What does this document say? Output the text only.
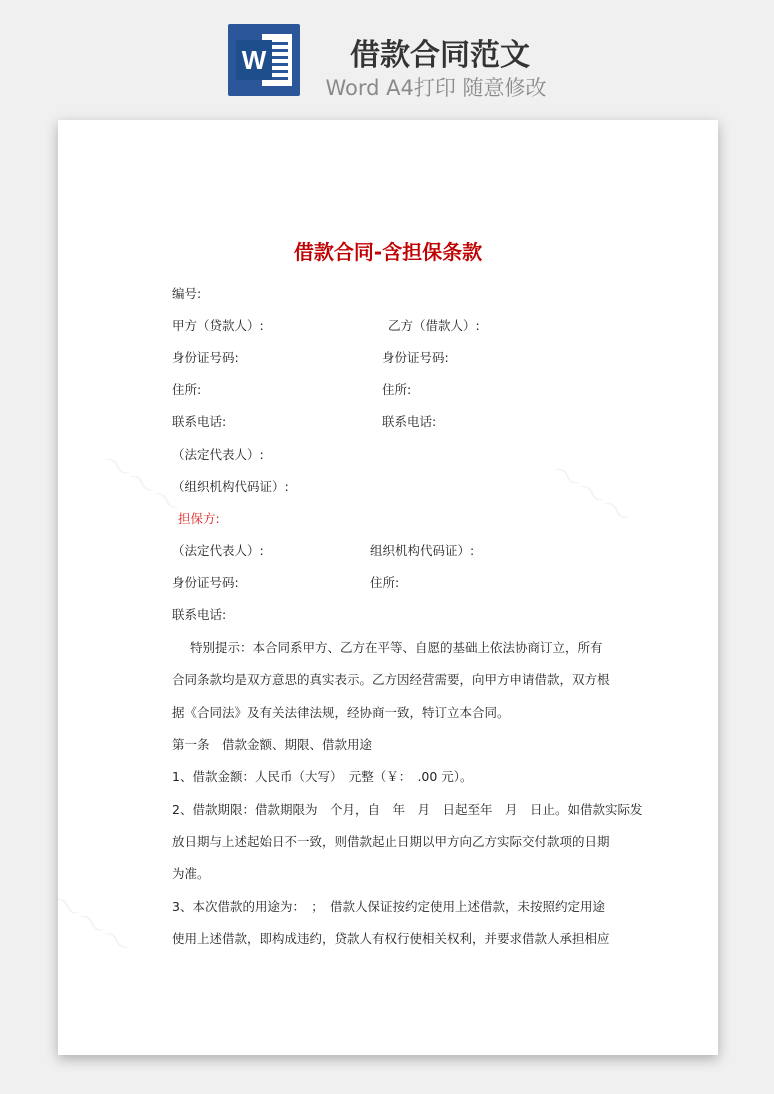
W	借款合同范文
Word A4打印 随意修改
〜〜〜	〜〜〜
〜〜〜
借款合同-含担保条款
编号:
甲方（贷款人）:	乙方（借款人）:
身份证号码:	身份证号码:
住所:	住所:
联系电话:	联系电话:
（法定代表人）:
（组织机构代码证）:
担保方:
（法定代表人）:	组织机构代码证）:
身份证号码:	住所:
联系电话:
特别提示：本合同系甲方、乙方在平等、自愿的基础上依法协商订立，所有
合同条款均是双方意思的真实表示。乙方因经营需要，向甲方申请借款，双方根
据《合同法》及有关法律法规，经协商一致，特订立本合同。
第一条　借款金额、期限、借款用途
1、借款金额：人民币（大写）　元整（￥：　.00 元）。
2、借款期限：借款期限为　个月，自　年　月　日起至年　月　日止。如借款实际发
放日期与上述起始日不一致，则借款起止日期以甲方向乙方实际交付款项的日期
为准。
3、本次借款的用途为：　；　借款人保证按约定使用上述借款，未按照约定用途
使用上述借款，即构成违约，贷款人有权行使相关权利，并要求借款人承担相应
